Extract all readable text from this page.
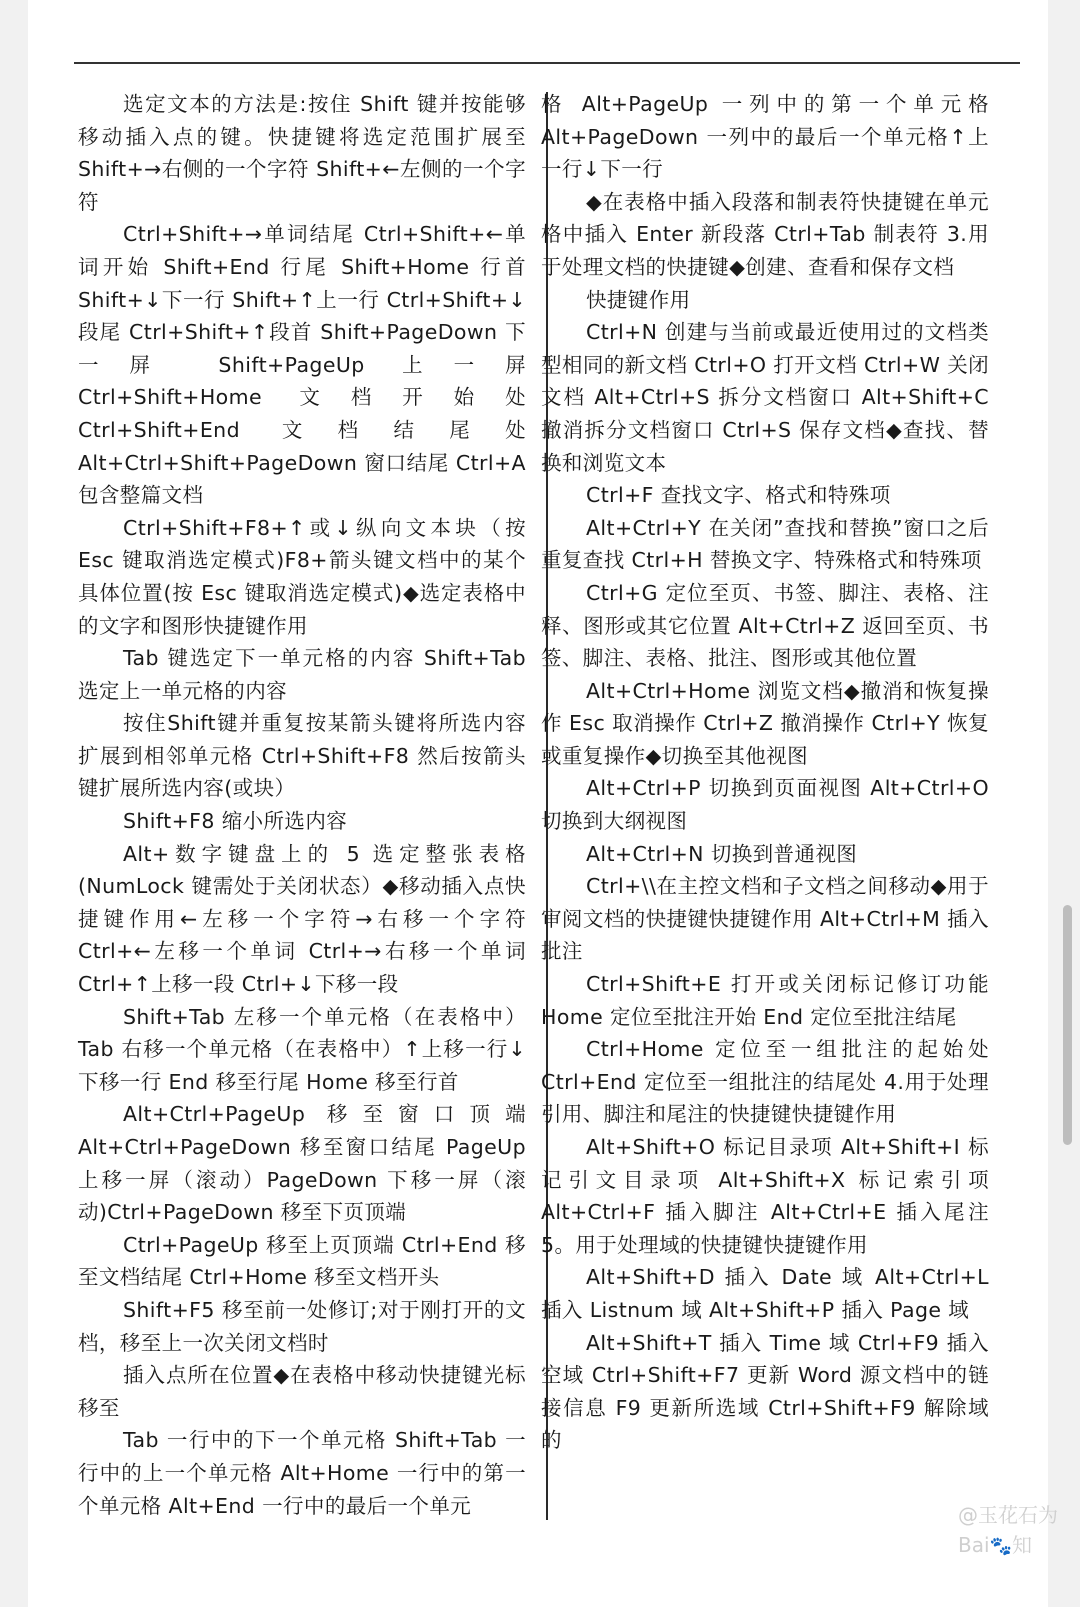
选定文本的方法是:按住 Shift 键并按能够移动插入点的键。快捷键将选定范围扩展至 Shift+→右侧的一个字符 Shift+←左侧的一个字符

Ctrl+Shift+→单词结尾 Ctrl+Shift+←单词开始 Shift+End 行尾 Shift+Home 行首 Shift+↓下一行 Shift+↑上一行 Ctrl+Shift+↓段尾 Ctrl+Shift+↑段首 Shift+PageDown 下一屏 Shift+PageUp 上一屏 Ctrl+Shift+Home 文档开始处 Ctrl+Shift+End 文档结尾处 Alt+Ctrl+Shift+PageDown 窗口结尾 Ctrl+A 包含整篇文档

Ctrl+Shift+F8+↑或↓纵向文本块（按 Esc 键取消选定模式)F8+箭头键文档中的某个具体位置(按 Esc 键取消选定模式)◆选定表格中的文字和图形快捷键作用

Tab 键选定下一单元格的内容 Shift+Tab 选定上一单元格的内容

按住Shift键并重复按某箭头键将所选内容扩展到相邻单元格 Ctrl+Shift+F8 然后按箭头键扩展所选内容(或块）

Shift+F8 缩小所选内容

Alt+数字键盘上的 5 选定整张表格(NumLock 键需处于关闭状态）◆移动插入点快捷键作用←左移一个字符→右移一个字符 Ctrl+←左移一个单词 Ctrl+→右移一个单词 Ctrl+↑上移一段 Ctrl+↓下移一段

Shift+Tab 左移一个单元格（在表格中）Tab 右移一个单元格（在表格中）↑上移一行↓下移一行 End 移至行尾 Home 移至行首

Alt+Ctrl+PageUp 移至窗口顶端 Alt+Ctrl+PageDown 移至窗口结尾 PageUp 上移一屏（滚动）PageDown 下移一屏（滚动)Ctrl+PageDown 移至下页顶端

Ctrl+PageUp 移至上页顶端 Ctrl+End 移至文档结尾 Ctrl+Home 移至文档开头

Shift+F5 移至前一处修订;对于刚打开的文档，移至上一次关闭文档时

插入点所在位置◆在表格中移动快捷键光标移至

Tab 一行中的下一个单元格 Shift+Tab 一行中的上一个单元格 Alt+Home 一行中的第一个单元格 Alt+End 一行中的最后一个单元

格 Alt+PageUp 一列中的第一个单元格 Alt+PageDown 一列中的最后一个单元格↑上一行↓下一行

◆在表格中插入段落和制表符快捷键在单元格中插入 Enter 新段落 Ctrl+Tab 制表符 3.用于处理文档的快捷键◆创建、查看和保存文档

快捷键作用

Ctrl+N 创建与当前或最近使用过的文档类型相同的新文档 Ctrl+O 打开文档 Ctrl+W 关闭文档 Alt+Ctrl+S 拆分文档窗口 Alt+Shift+C 撤消拆分文档窗口 Ctrl+S 保存文档◆查找、替换和浏览文本

Ctrl+F 查找文字、格式和特殊项

Alt+Ctrl+Y 在关闭”查找和替换”窗口之后重复查找 Ctrl+H 替换文字、特殊格式和特殊项

Ctrl+G 定位至页、书签、脚注、表格、注释、图形或其它位置 Alt+Ctrl+Z 返回至页、书签、脚注、表格、批注、图形或其他位置

Alt+Ctrl+Home 浏览文档◆撤消和恢复操作 Esc 取消操作 Ctrl+Z 撤消操作 Ctrl+Y 恢复或重复操作◆切换至其他视图

Alt+Ctrl+P 切换到页面视图 Alt+Ctrl+O 切换到大纲视图

Alt+Ctrl+N 切换到普通视图

Ctrl+\\在主控文档和子文档之间移动◆用于审阅文档的快捷键快捷键作用 Alt+Ctrl+M 插入批注

Ctrl+Shift+E 打开或关闭标记修订功能 Home 定位至批注开始 End 定位至批注结尾

Ctrl+Home 定位至一组批注的起始处 Ctrl+End 定位至一组批注的结尾处 4.用于处理引用、脚注和尾注的快捷键快捷键作用

Alt+Shift+O 标记目录项 Alt+Shift+I 标记引文目录项 Alt+Shift+X 标记索引项 Alt+Ctrl+F 插入脚注 Alt+Ctrl+E 插入尾注 5。用于处理域的快捷键快捷键作用

Alt+Shift+D 插入 Date 域 Alt+Ctrl+L 插入 Listnum 域 Alt+Shift+P 插入 Page 域

Alt+Shift+T 插入 Time 域 Ctrl+F9 插入空域 Ctrl+Shift+F7 更新 Word 源文档中的链接信息 F9 更新所选域 Ctrl+Shift+F9 解除域的

@玉花石为
Bai🐾知
